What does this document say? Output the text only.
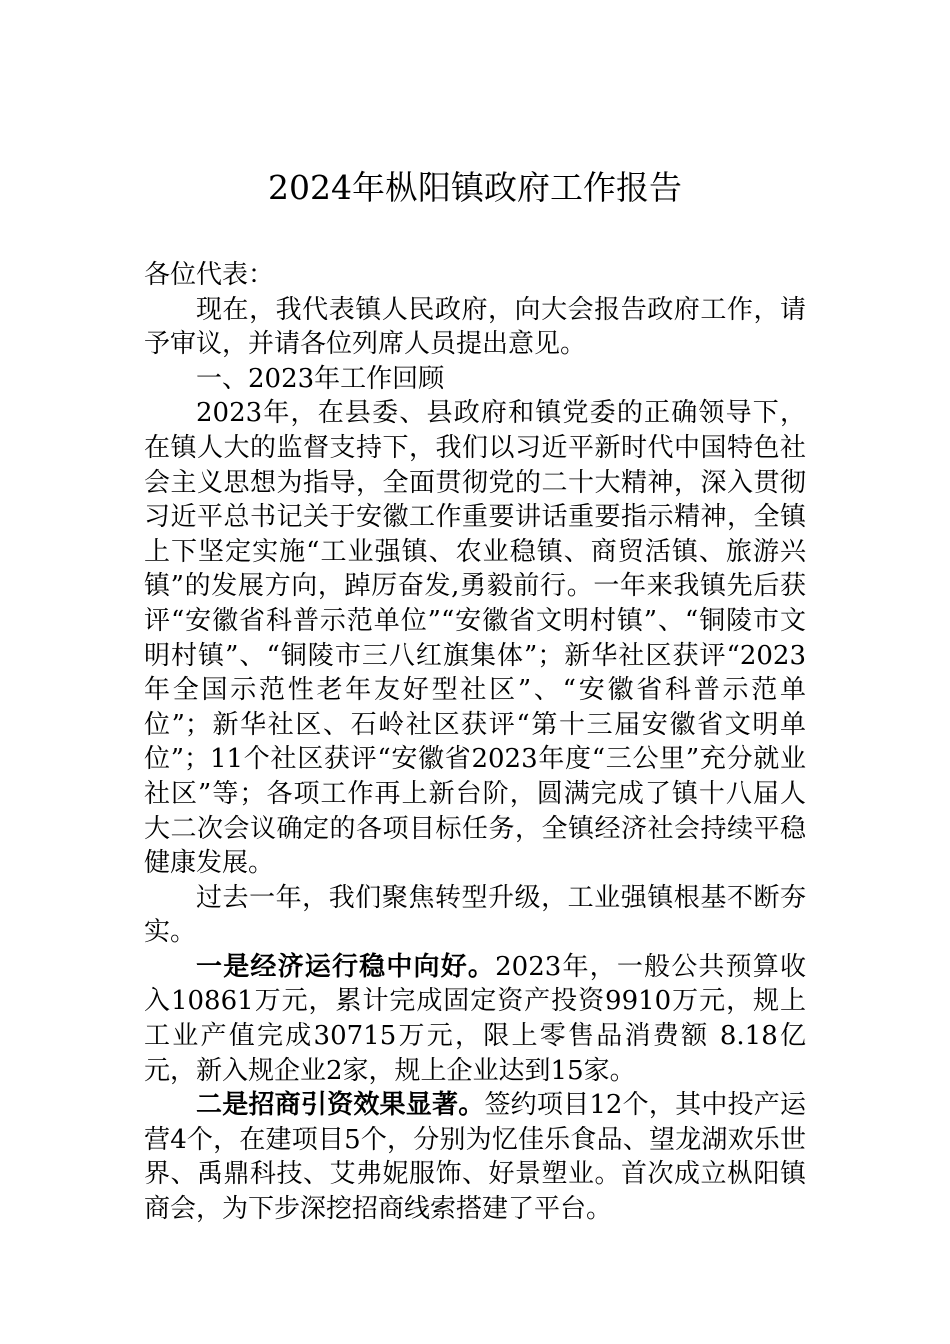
2024年枞阳镇政府工作报告

各位代表：

现在，我代表镇人民政府，向大会报告政府工作，请予审议，并请各位列席人员提出意见。

一、2023年工作回顾

2023年，在县委、县政府和镇党委的正确领导下，在镇人大的监督支持下，我们以习近平新时代中国特色社会主义思想为指导，全面贯彻党的二十大精神，深入贯彻习近平总书记关于安徽工作重要讲话重要指示精神，全镇上下坚定实施“工业强镇、农业稳镇、商贸活镇、旅游兴镇”的发展方向，踔厉奋发,勇毅前行。一年来我镇先后获评“安徽省科普示范单位”“安徽省文明村镇”、“铜陵市文明村镇”、“铜陵市三八红旗集体”；新华社区获评“2023年全国示范性老年友好型社区”、“安徽省科普示范单位”；新华社区、石岭社区获评“第十三届安徽省文明单位”；11个社区获评“安徽省2023年度“三公里”充分就业社区”等；各项工作再上新台阶，圆满完成了镇十八届人大二次会议确定的各项目标任务，全镇经济社会持续平稳健康发展。

过去一年，我们聚焦转型升级，工业强镇根基不断夯实。

一是经济运行稳中向好。2023年，一般公共预算收入10861万元，累计完成固定资产投资9910万元，规上工业产值完成30715万元，限上零售品消费额 8.18亿元，新入规企业2家，规上企业达到15家。

二是招商引资效果显著。签约项目12个，其中投产运营4个，在建项目5个，分别为忆佳乐食品、望龙湖欢乐世界、禹鼎科技、艾弗妮服饰、好景塑业。首次成立枞阳镇商会，为下步深挖招商线索搭建了平台。
